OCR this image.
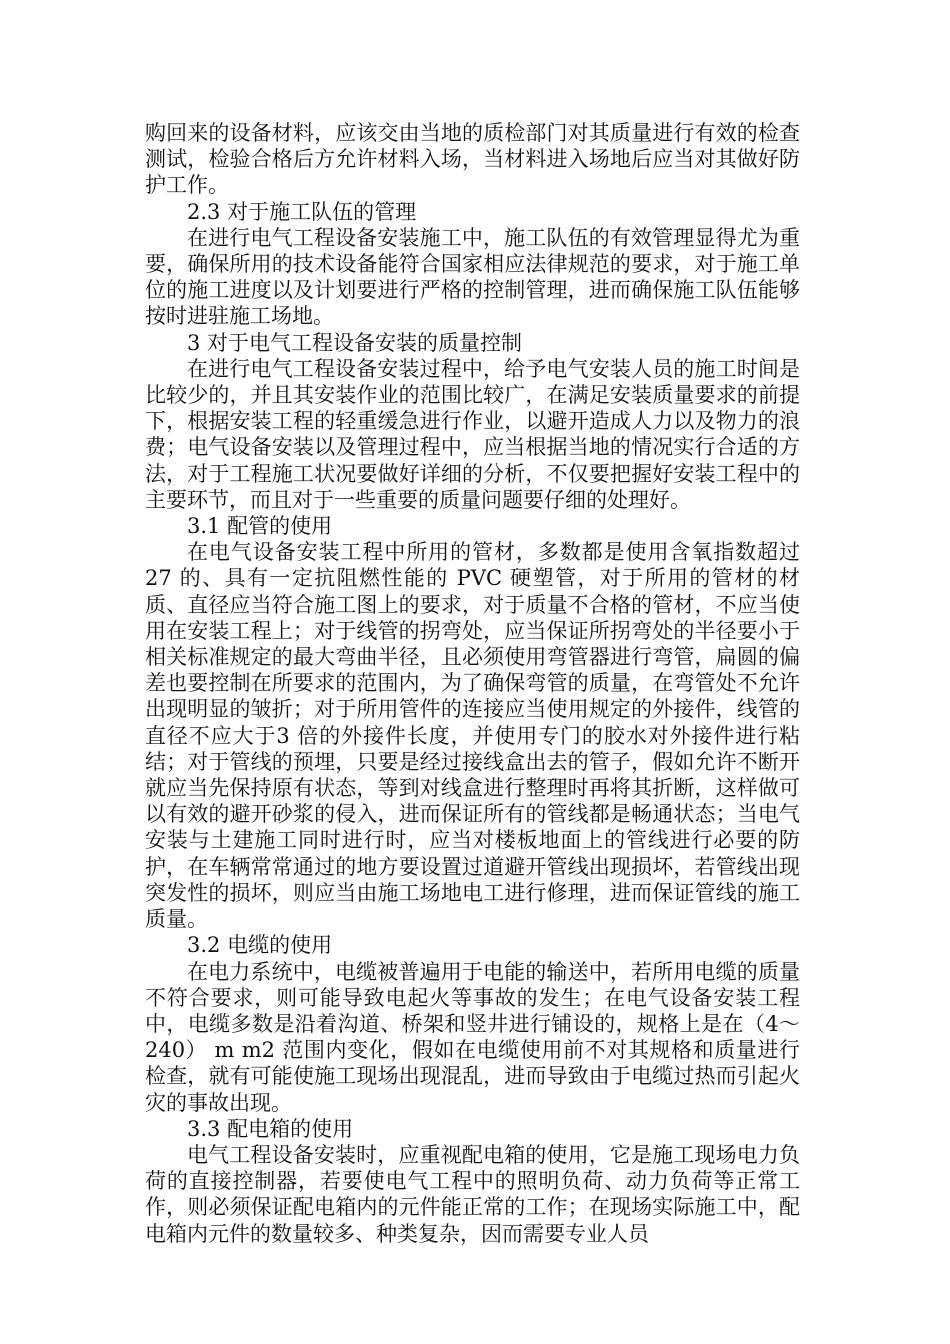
购回来的设备材料，应该交由当地的质检部门对其质量进行有效的检查测试，检验合格后方允许材料入场，当材料进入场地后应当对其做好防护工作。

2.3 对于施工队伍的管理

在进行电气工程设备安装施工中，施工队伍的有效管理显得尤为重要，确保所用的技术设备能符合国家相应法律规范的要求，对于施工单位的施工进度以及计划要进行严格的控制管理，进而确保施工队伍能够按时进驻施工场地。

3 对于电气工程设备安装的质量控制

在进行电气工程设备安装过程中，给予电气安装人员的施工时间是比较少的，并且其安装作业的范围比较广，在满足安装质量要求的前提下，根据安装工程的轻重缓急进行作业，以避开造成人力以及物力的浪费；电气设备安装以及管理过程中，应当根据当地的情况实行合适的方法，对于工程施工状况要做好详细的分析，不仅要把握好安装工程中的主要环节，而且对于一些重要的质量问题要仔细的处理好。

3.1 配管的使用

在电气设备安装工程中所用的管材，多数都是使用含氧指数超过27 的、具有一定抗阻燃性能的 PVC 硬塑管，对于所用的管材的材质、直径应当符合施工图上的要求，对于质量不合格的管材，不应当使用在安装工程上；对于线管的拐弯处，应当保证所拐弯处的半径要小于相关标准规定的最大弯曲半径，且必须使用弯管器进行弯管，扁圆的偏差也要控制在所要求的范围内，为了确保弯管的质量，在弯管处不允许出现明显的皱折；对于所用管件的连接应当使用规定的外接件，线管的直径不应大于3 倍的外接件长度，并使用专门的胶水对外接件进行粘结；对于管线的预埋，只要是经过接线盒出去的管子，假如允许不断开就应当先保持原有状态，等到对线盒进行整理时再将其折断，这样做可以有效的避开砂浆的侵入，进而保证所有的管线都是畅通状态；当电气安装与土建施工同时进行时，应当对楼板地面上的管线进行必要的防护，在车辆常常通过的地方要设置过道避开管线出现损坏，若管线出现突发性的损坏，则应当由施工场地电工进行修理，进而保证管线的施工质量。

3.2 电缆的使用

在电力系统中，电缆被普遍用于电能的输送中，若所用电缆的质量不符合要求，则可能导致电起火等事故的发生；在电气设备安装工程中，电缆多数是沿着沟道、桥架和竖井进行铺设的，规格上是在（4～240） m m2 范围内变化，假如在电缆使用前不对其规格和质量进行检查，就有可能使施工现场出现混乱，进而导致由于电缆过热而引起火灾的事故出现。

3.3 配电箱的使用

电气工程设备安装时，应重视配电箱的使用，它是施工现场电力负荷的直接控制器，若要使电气工程中的照明负荷、动力负荷等正常工作，则必须保证配电箱内的元件能正常的工作；在现场实际施工中，配电箱内元件的数量较多、种类复杂，因而需要专业人员
